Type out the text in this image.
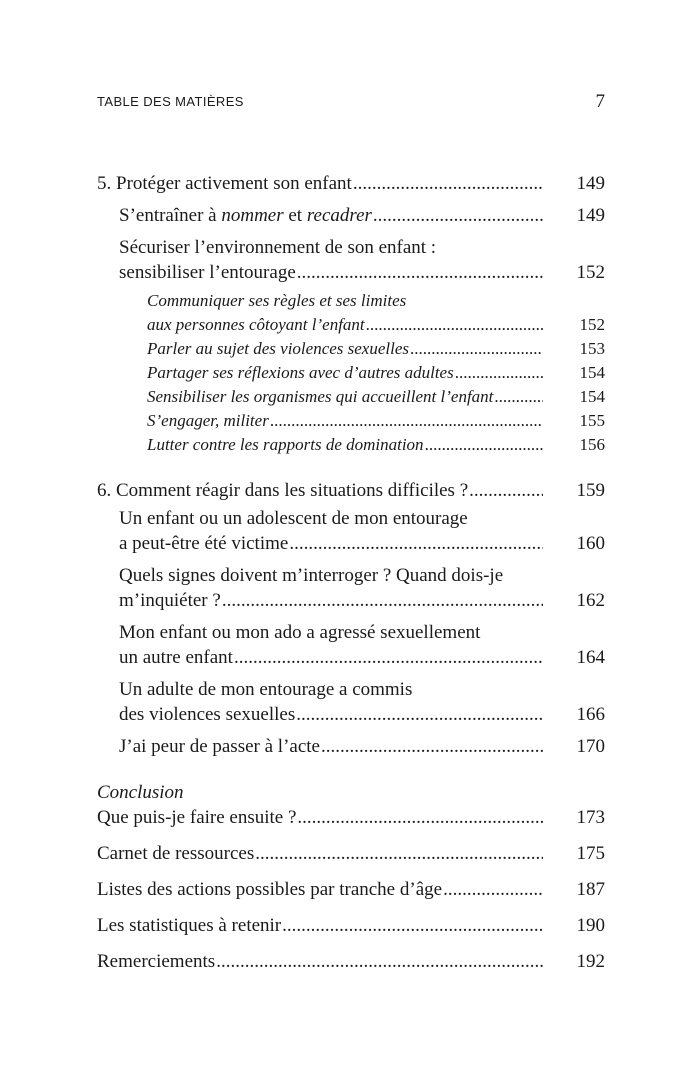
TABLE DES MATIÈRES	7
5. Protéger activement son enfant .....	149
S’entraîner à nommer et recadrer .....	149
Sécuriser l’environnement de son enfant :
sensibiliser l’entourage .....	152
Communiquer ses règles et ses limites
aux personnes côtoyant l’enfant .....	152
Parler au sujet des violences sexuelles .....	153
Partager ses réflexions avec d’autres adultes .....	154
Sensibiliser les organismes qui accueillent l’enfant .....	154
S’engager, militer .....	155
Lutter contre les rapports de domination .....	156
6. Comment réagir dans les situations difficiles ? .....	159
Un enfant ou un adolescent de mon entourage
a peut-être été victime .....	160
Quels signes doivent m’interroger ? Quand dois-je
m’inquiéter ? .....	162
Mon enfant ou mon ado a agressé sexuellement
un autre enfant .....	164
Un adulte de mon entourage a commis
des violences sexuelles .....	166
J’ai peur de passer à l’acte .....	170
Conclusion
Que puis-je faire ensuite ? .....	173
Carnet de ressources .....	175
Listes des actions possibles par tranche d’âge .....	187
Les statistiques à retenir .....	190
Remerciements .....	192
